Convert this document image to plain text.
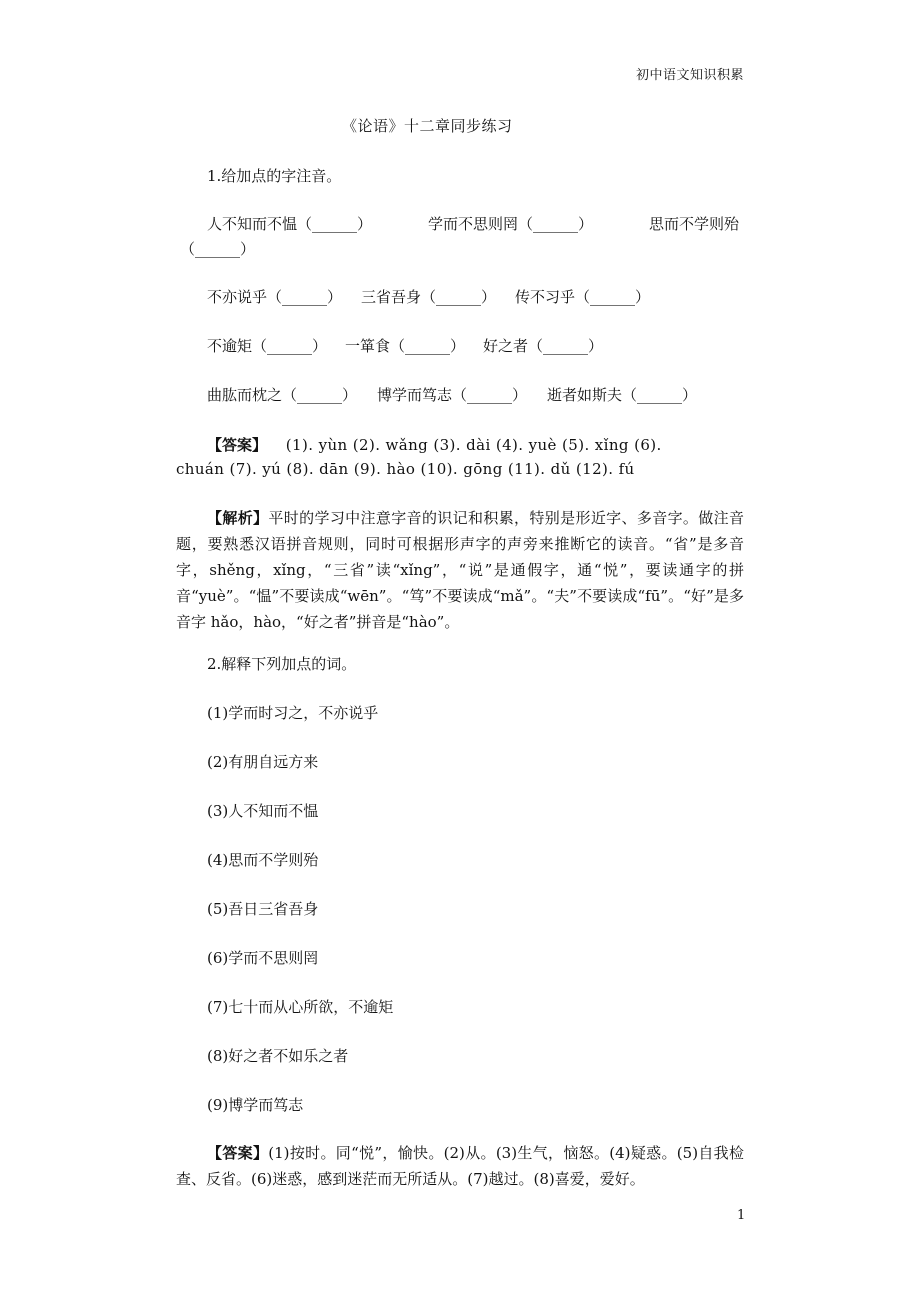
初中语文知识积累
《论语》十二章同步练习
1.给加点的字注音。
人不知而不愠（______）	学而不思则罔（______）	思而不学则殆
（______）
不亦说乎（______） 三省吾身（______） 传不习乎（______）
不逾矩（______） 一箪食（______） 好之者（______）
曲肱而枕之（______） 博学而笃志（______） 逝者如斯夫（______）
【答案】 (1). yùn (2). wǎng (3). dài (4). yuè (5). xǐng (6).
chuán (7). yú (8). dān (9). hào (10). gōng (11). dǔ (12). fú
【解析】平时的学习中注意字音的识记和积累，特别是形近字、多音字。做注音题，要熟悉汉语拼音规则，同时可根据形声字的声旁来推断它的读音。“省”是多音字，shěng，xǐng，“三省”读“xǐng”，“说”是通假字，通“悦”，要读通字的拼音“yuè”。“愠”不要读成“wēn”。“笃”不要读成“mǎ”。“夫”不要读成“fū”。“好”是多音字 hǎo，hào，“好之者”拼音是“hào”。
2.解释下列加点的词。
(1)学而时习之，不亦说乎
(2)有朋自远方来
(3)人不知而不愠
(4)思而不学则殆
(5)吾日三省吾身
(6)学而不思则罔
(7)七十而从心所欲，不逾矩
(8)好之者不如乐之者
(9)博学而笃志
【答案】(1)按时。同“悦”，愉快。(2)从。(3)生气，恼怒。(4)疑惑。(5)自我检查、反省。(6)迷惑，感到迷茫而无所适从。(7)越过。(8)喜爱，爱好。
1
